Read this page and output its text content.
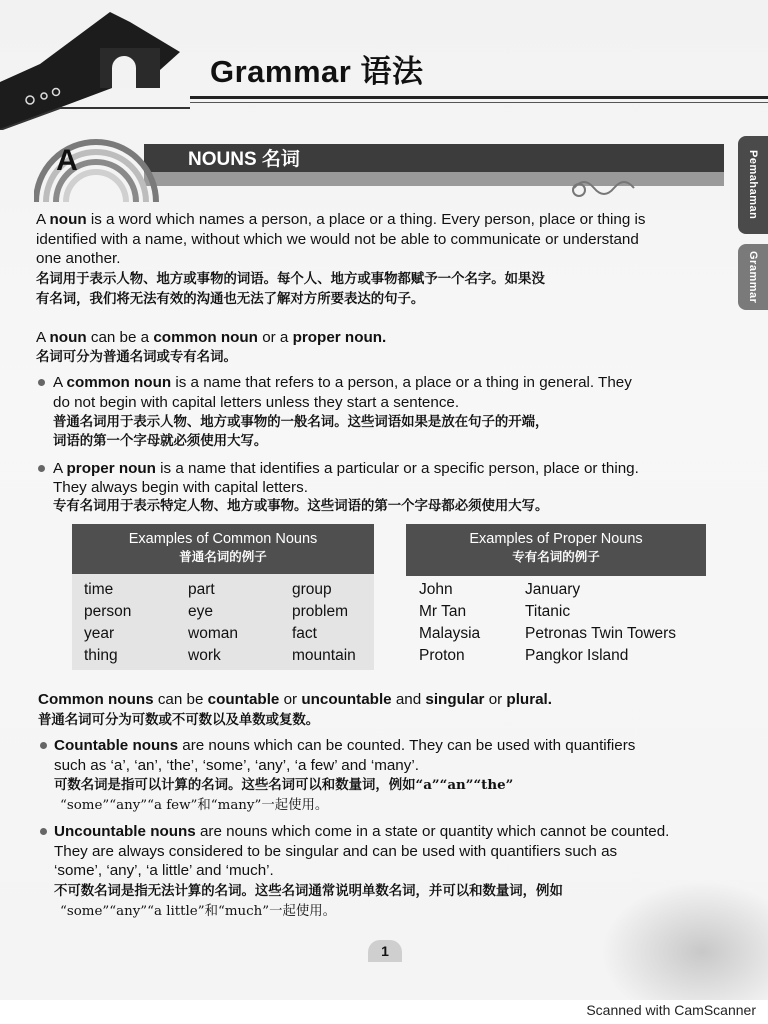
Grammar 语法
Pemahaman
Grammar
A	NOUNS 名词
A noun is a word which names a person, a place or a thing. Every person, place or thing is
identified with a name, without which we would not be able to communicate or understand
one another.
名词用于表示人物、地方或事物的词语。每个人、地方或事物都赋予一个名字。如果没
有名词，我们将无法有效的沟通也无法了解对方所要表达的句子。
A noun can be a common noun or a proper noun.
名词可分为普通名词或专有名词。
A common noun is a name that refers to a person, a place or a thing in general. They
do not begin with capital letters unless they start a sentence.
普通名词用于表示人物、地方或事物的一般名词。这些词语如果是放在句子的开端，
词语的第一个字母就必须使用大写。
A proper noun is a name that identifies a particular or a specific person, place or thing.
They always begin with capital letters.
专有名词用于表示特定人物、地方或事物。这些词语的第一个字母都必须使用大写。
Examples of Common Nouns
普通名词的例子
time	part	group
person	eye	problem
year	woman	fact
thing	work	mountain
Examples of Proper Nouns
专有名词的例子
John	January
Mr Tan	Titanic
Malaysia	Petronas Twin Towers
Proton	Pangkor Island
Common nouns can be countable or uncountable and singular or plural.
普通名词可分为可数或不可数以及单数或复数。
Countable nouns are nouns which can be counted. They can be used with quantifiers
such as ‘a’, ‘an’, ‘the’, ‘some’, ‘any’, ‘a few’ and ‘many’.
可数名词是指可以计算的名词。这些名词可以和数量词，例如“a”“an”“the”
“some”“any”“a few”和“many”一起使用。
Uncountable nouns are nouns which come in a state or quantity which cannot be counted.
They are always considered to be singular and can be used with quantifiers such as
‘some’, ‘any’, ‘a little’ and ‘much’.
不可数名词是指无法计算的名词。这些名词通常说明单数名词，并可以和数量词，例如
“some”“any”“a little”和“much”一起使用。
1
Scanned with CamScanner
